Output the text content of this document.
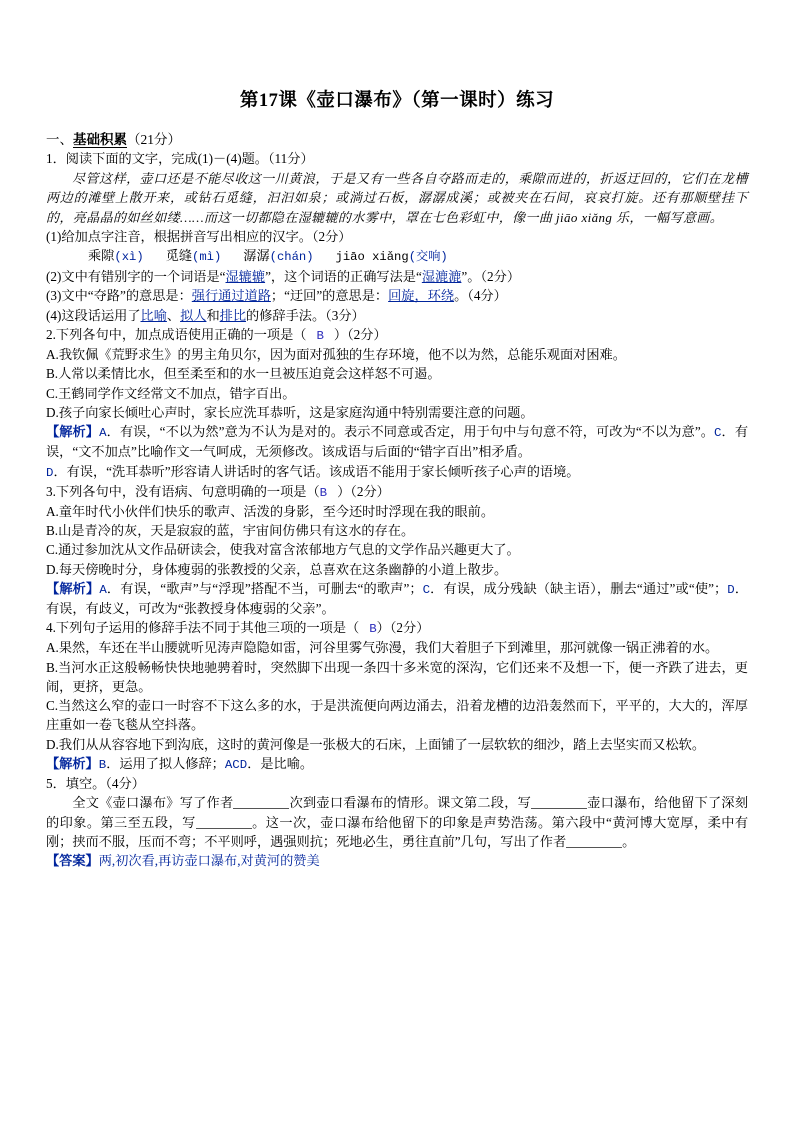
第17课《壶口瀑布》（第一课时）练习

一、基础积累（21分）

1．阅读下面的文字，完成(1)－(4)题。（11分）

尽管这样，壶口还是不能尽收这一川黄浪，于是又有一些各自夺路而走的，乘隙而进的，折返迂回的，它们在龙槽两边的滩壁上散开来，或钻石觅缝，汩汩如泉；或淌过石板，潺潺成溪；或被夹在石间，哀哀打旋。还有那顺壁挂下的，亮晶晶的如丝如缕……而这一切都隐在湿辘辘的水雾中，罩在七色彩虹中，像一曲 jiāo xiǎng 乐，一幅写意画。

(1)给加点字注音，根据拼音写出相应的汉字。（2分）

乘隙(xì) 觅缝(mì) 潺潺(chán) jiāo xiǎng(交响)

(2)文中有错别字的一个词语是“湿辘辘”，这个词语的正确写法是“湿漉漉”。（2分）

(3)文中“夺路”的意思是：强行通过道路；“迂回”的意思是：回旋，环绕。（4分）

(4)这段话运用了比喻、拟人和排比的修辞手法。（3分）

2.下列各句中，加点成语使用正确的一项是（ B ）（2分）

A.我钦佩《荒野求生》的男主角贝尔，因为面对孤独的生存环境，他不以为然，总能乐观面对困难。

B.人常以柔情比水，但至柔至和的水一旦被压迫竟会这样怒不可遏。

C.王鹤同学作文经常文不加点，错字百出。

D.孩子向家长倾吐心声时，家长应洗耳恭听，这是家庭沟通中特别需要注意的问题。

【解析】A．有误，“不以为然”意为不认为是对的。表示不同意或否定，用于句中与句意不符，可改为“不以为意”。C．有误，“文不加点”比喻作文一气呵成，无须修改。该成语与后面的“错字百出”相矛盾。

D．有误，“洗耳恭听”形容请人讲话时的客气话。该成语不能用于家长倾听孩子心声的语境。

3.下列各句中，没有语病、句意明确的一项是（B ）（2分）

A.童年时代小伙伴们快乐的歌声、活泼的身影，至今还时时浮现在我的眼前。

B.山是青冷的灰，天是寂寂的蓝，宇宙间仿佛只有这水的存在。

C.通过参加沈从文作品研读会，使我对富含浓郁地方气息的文学作品兴趣更大了。

D.每天傍晚时分，身体瘦弱的张教授的父亲，总喜欢在这条幽静的小道上散步。

【解析】A．有误，“歌声”与“浮现”搭配不当，可删去“的歌声”；C．有误，成分残缺（缺主语），删去“通过”或“使”；D．有误，有歧义，可改为“张教授身体瘦弱的父亲”。

4.下列句子运用的修辞手法不同于其他三项的一项是（ B）（2分）

A.果然，车还在半山腰就听见涛声隐隐如雷，河谷里雾气弥漫，我们大着胆子下到滩里，那河就像一锅正沸着的水。

B.当河水正这般畅畅快快地驰骋着时，突然脚下出现一条四十多米宽的深沟，它们还来不及想一下，便一齐跌了进去，更闹，更挤，更急。

C.当然这么窄的壶口一时容不下这么多的水，于是洪流便向两边涌去，沿着龙槽的边沿轰然而下，平平的，大大的，浑厚庄重如一卷飞毯从空抖落。

D.我们从从容容地下到沟底，这时的黄河像是一张极大的石床，上面铺了一层软软的细沙，踏上去坚实而又松软。

【解析】B．运用了拟人修辞；ACD．是比喻。

5．填空。（4分）

全文《壶口瀑布》写了作者	次到壶口看瀑布的情形。课文第二段，写	壶口瀑布，给他留下了深刻的印象。第三至五段，写	。这一次，壶口瀑布给他留下的印象是声势浩荡。第六段中“黄河博大宽厚，柔中有刚；挟而不服，压而不弯；不平则呼，遇强则抗；死地必生，勇往直前”几句，写出了作者	。

【答案】两,初次看,再访壶口瀑布,对黄河的赞美
